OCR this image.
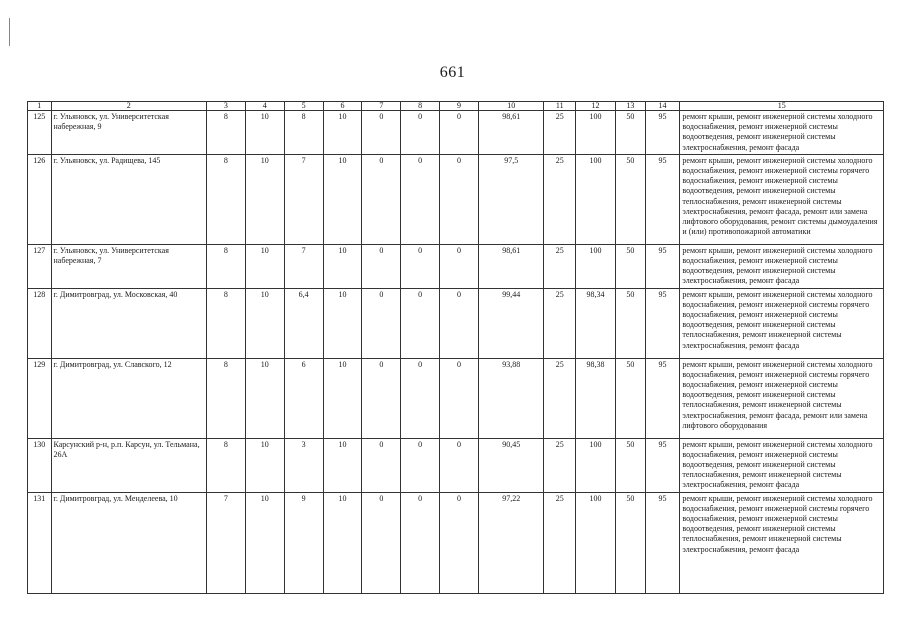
661
1	2	3	4	5	6	7	8	9	10	11	12	13	14	15
125	г. Ульяновск, ул. Университетская набережная, 9	8	10	8	10	0	0	0	98,61	25	100	50	95	ремонт крыши, ремонт инженерной системы холодного водоснабжения, ремонт инженерной системы водоотведения, ремонт инженерной системы электроснабжения, ремонт фасада
126	г. Ульяновск, ул. Радищева, 145	8	10	7	10	0	0	0	97,5	25	100	50	95	ремонт крыши, ремонт инженерной системы холодного водоснабжения, ремонт инженерной системы горячего водоснабжения, ремонт инженерной системы водоотведения, ремонт инженерной системы теплоснабжения, ремонт инженерной системы электроснабжения, ремонт фасада, ремонт или замена лифтового оборудования, ремонт системы дымоудаления и (или) противопожарной автоматики
127	г. Ульяновск, ул. Университетская набережная, 7	8	10	7	10	0	0	0	98,61	25	100	50	95	ремонт крыши, ремонт инженерной системы холодного водоснабжения, ремонт инженерной системы водоотведения, ремонт инженерной системы электроснабжения, ремонт фасада
128	г. Димитровград, ул. Московская, 40	8	10	6,4	10	0	0	0	99,44	25	98,34	50	95	ремонт крыши, ремонт инженерной системы холодного водоснабжения, ремонт инженерной системы горячего водоснабжения, ремонт инженерной системы водоотведения, ремонт инженерной системы теплоснабжения, ремонт инженерной системы электроснабжения, ремонт фасада
129	г. Димитровград, ул. Славского, 12	8	10	6	10	0	0	0	93,88	25	98,38	50	95	ремонт крыши, ремонт инженерной системы холодного водоснабжения, ремонт инженерной системы горячего водоснабжения, ремонт инженерной системы водоотведения, ремонт инженерной системы теплоснабжения, ремонт инженерной системы электроснабжения, ремонт фасада, ремонт или замена лифтового оборудования
130	Карсунский р-н, р.п. Карсун, ул. Тельмана, 26А	8	10	3	10	0	0	0	90,45	25	100	50	95	ремонт крыши, ремонт инженерной системы холодного водоснабжения, ремонт инженерной системы водоотведения, ремонт инженерной системы теплоснабжения, ремонт инженерной системы электроснабжения, ремонт фасада
131	г. Димитровград, ул. Менделеева, 10	7	10	9	10	0	0	0	97,22	25	100	50	95	ремонт крыши, ремонт инженерной системы холодного водоснабжения, ремонт инженерной системы горячего водоснабжения, ремонт инженерной системы водоотведения, ремонт инженерной системы теплоснабжения, ремонт инженерной системы электроснабжения, ремонт фасада
